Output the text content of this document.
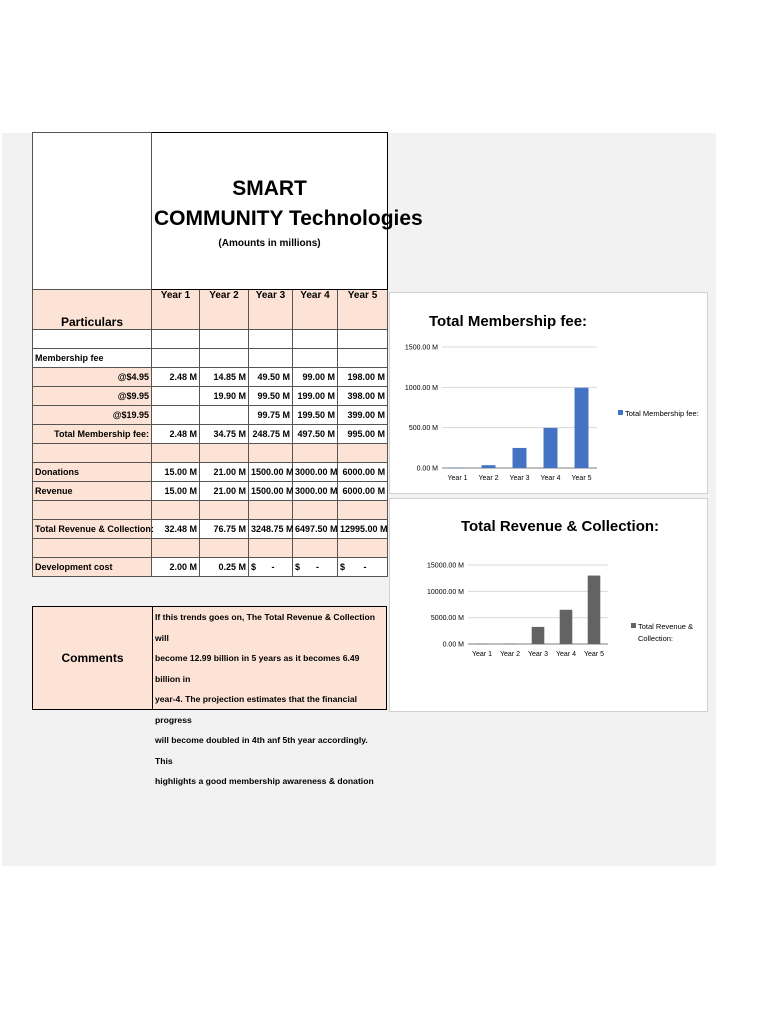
	SMART
COMMUNITY Technologies
(Amounts in millions)				

Particulars	Year 1	Year 2	Year 3	Year 4	Year 5

Membership fee					
@$4.95	2.48 M	14.85 M	49.50 M	99.00 M	198.00 M
@$9.95		19.90 M	99.50 M	199.00 M	398.00 M
@$19.95			99.75 M	199.50 M	399.00 M
Total Membership fee:	2.48 M	34.75 M	248.75 M	497.50 M	995.00 M

Donations	15.00 M	21.00 M	1500.00 M	3000.00 M	6000.00 M
Revenue	15.00 M	21.00 M	1500.00 M	3000.00 M	6000.00 M

Total Revenue & Collection:	32.48 M	76.75 M	3248.75 M	6497.50 M	12995.00 M

Development cost	2.00 M	0.25 M	$ -	$ -	$ -
Comments
If this trends goes on, The Total Revenue & Collection will
become 12.99 billion in 5 years as it becomes 6.49 billion in
year-4. The projection estimates that the financial progress
will become doubled in 4th anf 5th year accordingly. This
highlights a good membership awareness & donation
Total Membership fee:
0.00 M
500.00 M
1000.00 M
1500.00 M
Year 1 Year 2 Year 3 Year 4 Year 5
Total Membership fee:
Total Revenue & Collection:
0.00 M
5000.00 M
10000.00 M
15000.00 M
Year 1 Year 2 Year 3 Year 4 Year 5
Total Revenue &
Collection:
